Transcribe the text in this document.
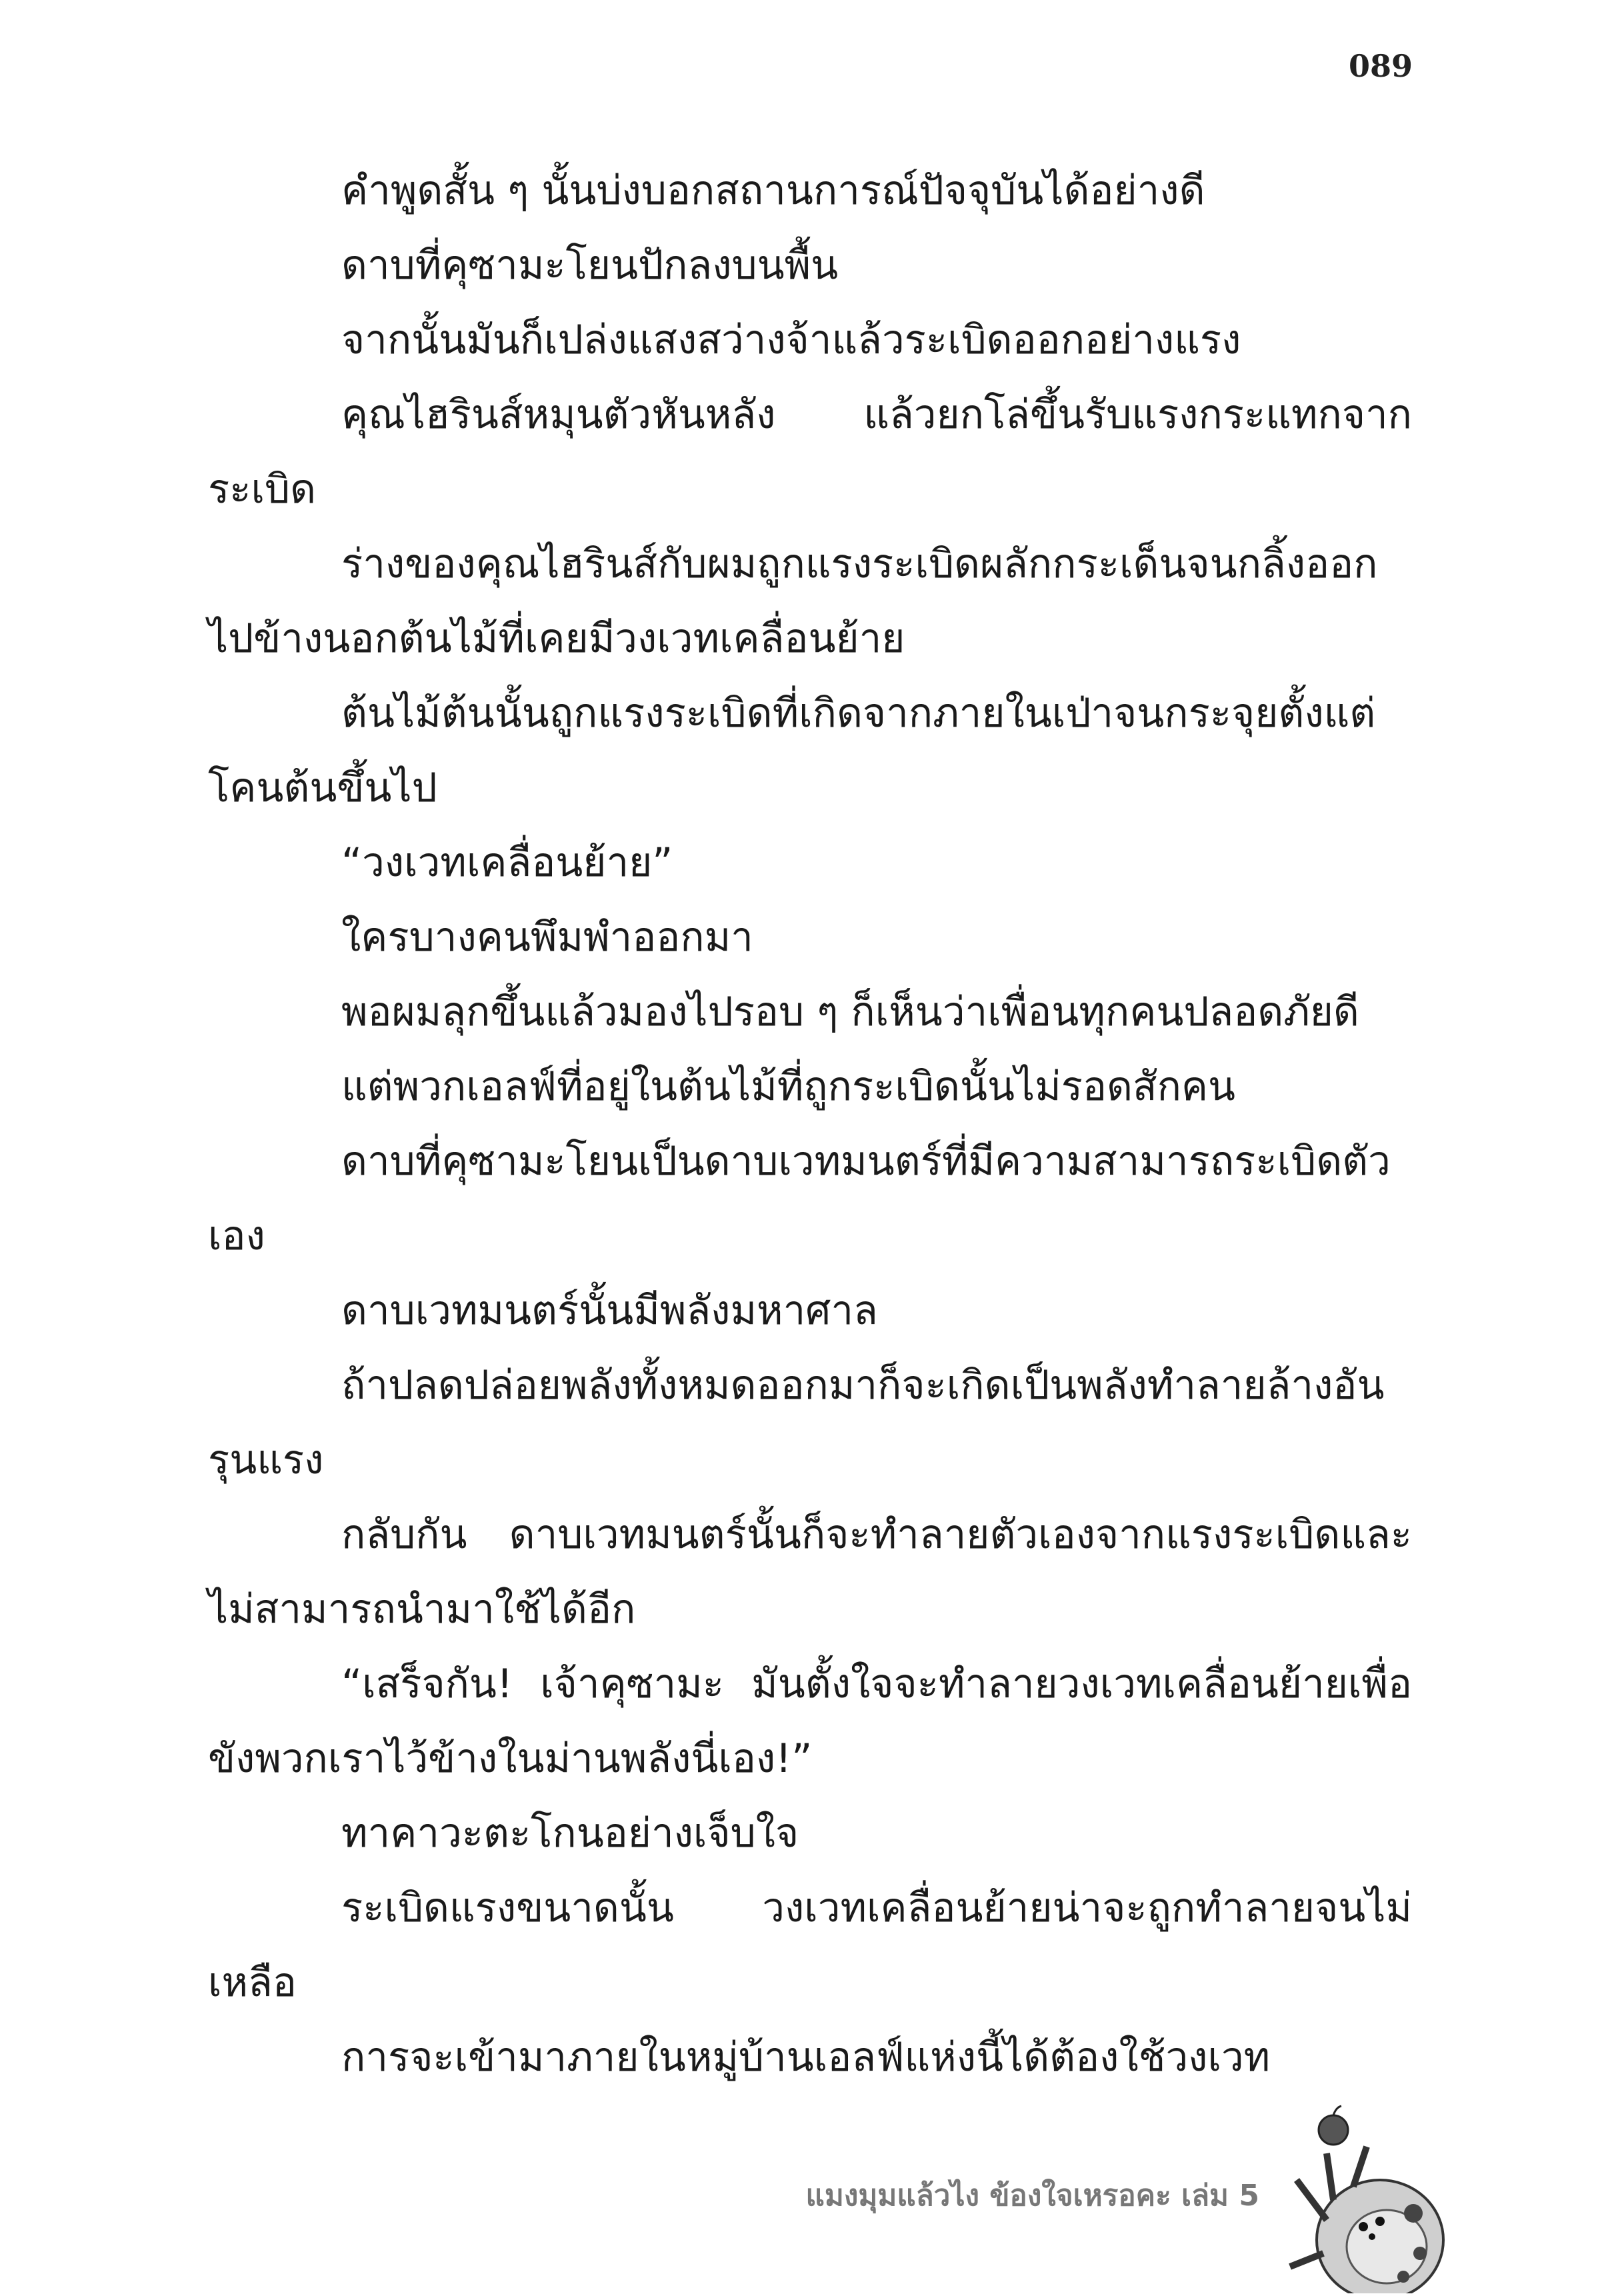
089

คำพูดสั้น ๆ นั้นบ่งบอกสถานการณ์ปัจจุบันได้อย่างดี

ดาบที่คุซามะโยนปักลงบนพื้น

จากนั้นมันก็เปล่งแสงสว่างจ้าแล้วระเบิดออกอย่างแรง

คุณไฮรินส์หมุนตัวหันหลัง แล้วยกโล่ขึ้นรับแรงกระแทกจากระเบิด

ร่างของคุณไฮรินส์กับผมถูกแรงระเบิดผลักกระเด็นจนกลิ้งออกไปข้างนอกต้นไม้ที่เคยมีวงเวทเคลื่อนย้าย

ต้นไม้ต้นนั้นถูกแรงระเบิดที่เกิดจากภายในเป่าจนกระจุยตั้งแต่โคนต้นขึ้นไป

“วงเวทเคลื่อนย้าย”

ใครบางคนพึมพำออกมา

พอผมลุกขึ้นแล้วมองไปรอบ ๆ ก็เห็นว่าเพื่อนทุกคนปลอดภัยดี

แต่พวกเอลฟ์ที่อยู่ในต้นไม้ที่ถูกระเบิดนั้นไม่รอดสักคน

ดาบที่คุซามะโยนเป็นดาบเวทมนตร์ที่มีความสามารถระเบิดตัวเอง

ดาบเวทมนตร์นั้นมีพลังมหาศาล

ถ้าปลดปล่อยพลังทั้งหมดออกมาก็จะเกิดเป็นพลังทำลายล้างอันรุนแรง

กลับกัน ดาบเวทมนตร์นั้นก็จะทำลายตัวเองจากแรงระเบิดและไม่สามารถนำมาใช้ได้อีก

“เสร็จกัน! เจ้าคุซามะ มันตั้งใจจะทำลายวงเวทเคลื่อนย้ายเพื่อขังพวกเราไว้ข้างในม่านพลังนี่เอง!”

ทาคาวะตะโกนอย่างเจ็บใจ

ระเบิดแรงขนาดนั้น วงเวทเคลื่อนย้ายน่าจะถูกทำลายจนไม่เหลือ

การจะเข้ามาภายในหมู่บ้านเอลฟ์แห่งนี้ได้ต้องใช้วงเวท

แมงมุมแล้วไง ข้องใจเหรอคะ เล่ม 5
